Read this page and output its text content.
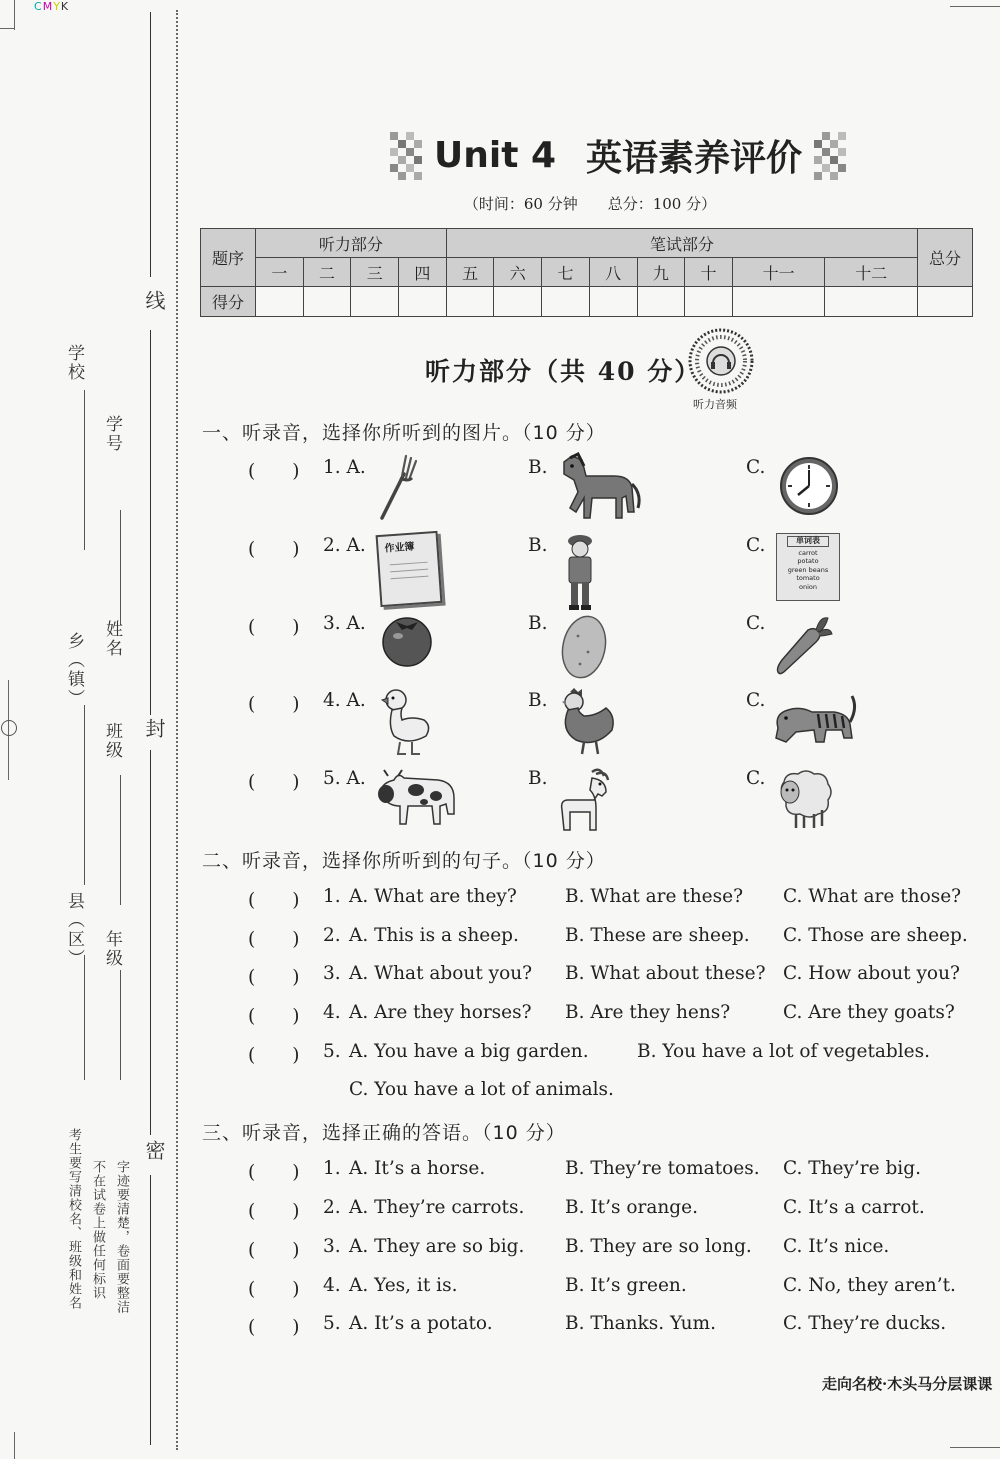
CMYK
线
封
密
学校
学号
乡（镇） 姓名
班级
县（区） 年级
考生要写清校名、班级和姓名 不在试卷上做任何标识 字迹要清楚，卷面要整洁
Unit 4 英语素养评价
（时间：60 分钟　　总分：100 分）
题序	听力部分				笔试部分								总分
	一	二	三	四	五	六	七	八	九	十	十一	十二	
得分													
听力部分（共 40 分）
听力音频
一、听录音，选择你所听到的图片。（10 分）
(　　) 1. A.	B.	C.
(　　) 2. A.	B.	C.
作业簿
单词表
carrot
potato
green beans
tomato
onion
(　　) 3. A.	B.	C.
(　　) 4. A.	B.	C.
(　　) 5. A.	B.	C.
二、听录音，选择你所听到的句子。（10 分）
(　　) 1. A. What are they?	B. What are these? C. What are those?
(　　) 2. A. This is a sheep. B. These are sheep. C. Those are sheep.
(　　) 3. A. What about you? B. What about these? C. How about you?
(　　) 4. A. Are they horses? B. Are they hens?	C. Are they goats?
(　　) 5. A. You have a big garden.	B. You have a lot of vegetables.
C. You have a lot of animals.
三、听录音，选择正确的答语。（10 分）
(　　) 1. A. It’s a horse.	B. They’re tomatoes. C. They’re big.
(　　) 2. A. They’re carrots. B. It’s orange.	C. It’s a carrot.
(　　) 3. A. They are so big. B. They are so long. C. It’s nice.
(　　) 4. A. Yes, it is.	B. It’s green.	C. No, they aren’t.
(　　) 5. A. It’s a potato.	B. Thanks. Yum.	C. They’re ducks.
走向名校·木头马分层课课
